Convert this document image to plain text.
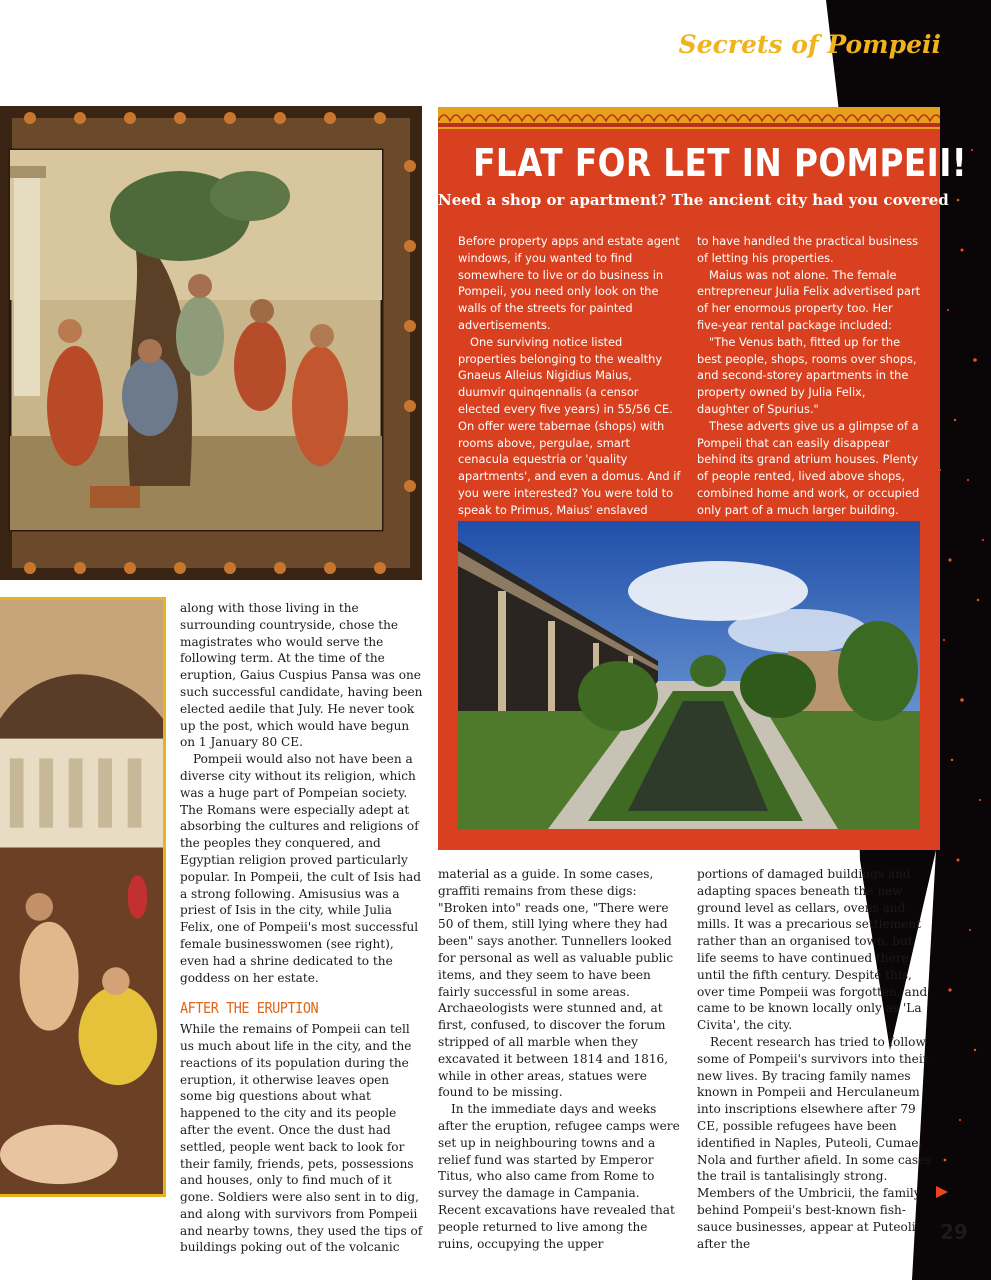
Secrets of Pompeii
FLAT FOR LET IN POMPEII!
Need a shop or apartment? The ancient city had you covered

Before property apps and estate agent windows, if you wanted to find somewhere to live or do business in Pompeii, you need only look on the walls of the streets for painted advertisements.

One surviving notice listed properties belonging to the wealthy Gnaeus Alleius Nigidius Maius, duumvir quinqennalis (a censor elected every five years) in 55/56 CE. On offer were tabernae (shops) with rooms above, pergulae, smart cenacula equestria or 'quality apartments', and even a domus. And if you were interested? You were told to speak to Primus, Maius' enslaved

to have handled the practical business of letting his properties.

Maius was not alone. The female entrepreneur Julia Felix advertised part of her enormous property too. Her five-year rental package included:

"The Venus bath, fitted up for the best people, shops, rooms over shops, and second-storey apartments in the property owned by Julia Felix, daughter of Spurius."

These adverts give us a glimpse of a Pompeii that can easily disappear behind its grand atrium houses. Plenty of people rented, lived above shops, combined home and work, or occupied only part of a much larger building.

along with those living in the surrounding countryside, chose the magistrates who would serve the following term. At the time of the eruption, Gaius Cuspius Pansa was one such successful candidate, having been elected aedile that July. He never took up the post, which would have begun on 1 January 80 CE.

Pompeii would also not have been a diverse city without its religion, which was a huge part of Pompeian society. The Romans were especially adept at absorbing the cultures and religions of the peoples they conquered, and Egyptian religion proved particularly popular. In Pompeii, the cult of Isis had a strong following. Amisusius was a priest of Isis in the city, while Julia Felix, one of Pompeii's most successful female businesswomen (see right), even had a shrine dedicated to the goddess on her estate.

AFTER THE ERUPTION

While the remains of Pompeii can tell us much about life in the city, and the reactions of its population during the eruption, it otherwise leaves open some big questions about what happened to the city and its people after the event. Once the dust had settled, people went back to look for their family, friends, pets, possessions and houses, only to find much of it gone. Soldiers were also sent in to dig, and along with survivors from Pompeii and nearby towns, they used the tips of buildings poking out of the volcanic

material as a guide. In some cases, graffiti remains from these digs: "Broken into" reads one, "There were 50 of them, still lying where they had been" says another. Tunnellers looked for personal as well as valuable public items, and they seem to have been fairly successful in some areas. Archaeologists were stunned and, at first, confused, to discover the forum stripped of all marble when they excavated it between 1814 and 1816, while in other areas, statues were found to be missing.

In the immediate days and weeks after the eruption, refugee camps were set up in neighbouring towns and a relief fund was started by Emperor Titus, who also came from Rome to survey the damage in Campania. Recent excavations have revealed that people returned to live among the ruins, occupying the upper

portions of damaged buildings and adapting spaces beneath the new ground level as cellars, ovens and mills. It was a precarious settlement rather than an organised town, but life seems to have continued there until the fifth century. Despite this, over time Pompeii was forgotten, and came to be known locally only as 'La Civita', the city.

Recent research has tried to follow some of Pompeii's survivors into their new lives. By tracing family names known in Pompeii and Herculaneum into inscriptions elsewhere after 79 CE, possible refugees have been identified in Naples, Puteoli, Cumae, Nola and further afield. In some cases the trail is tantalisingly strong. Members of the Umbricii, the family behind Pompeii's best-known fish-sauce businesses, appear at Puteoli after the	29
